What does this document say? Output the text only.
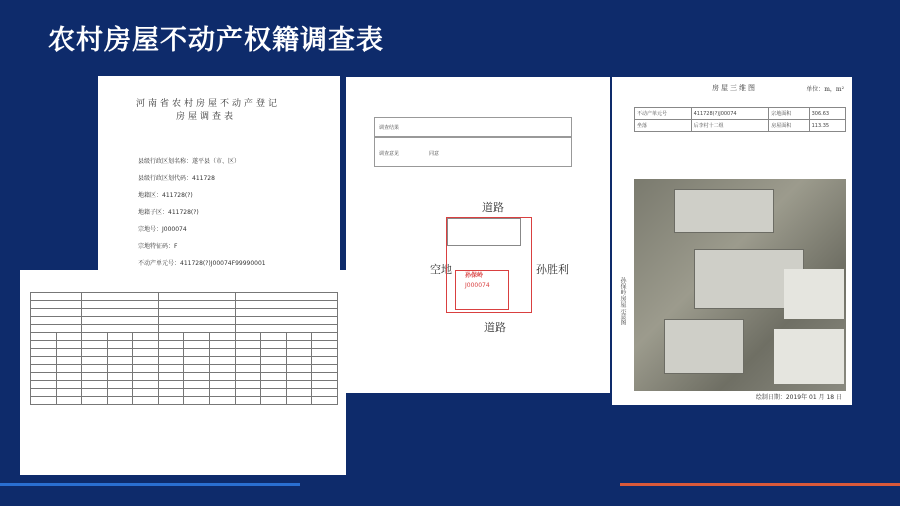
农村房屋不动产权籍调查表
河南省农村房屋不动产登记
房屋调查表
县级行政区划名称：遂平县（市、区）
县级行政区划代码：411728
地籍区：411728(?)
地籍子区：411728(?)
宗地号：J000074
宗地特征码：F
不动产单元号：411728(?)J00074F99990001

调查结果
调查意见	同意
道路
空地	孙胜利
道路
孙保岭
J000074
房屋三维图	单位：m，m²
不动产单元号	411728(?)J00074	宗地面积	306.63
坐落	后李村十二组	房屋面积	113.35
孙保岭房屋示意图
绘制日期：2019年 01 月 18 日
